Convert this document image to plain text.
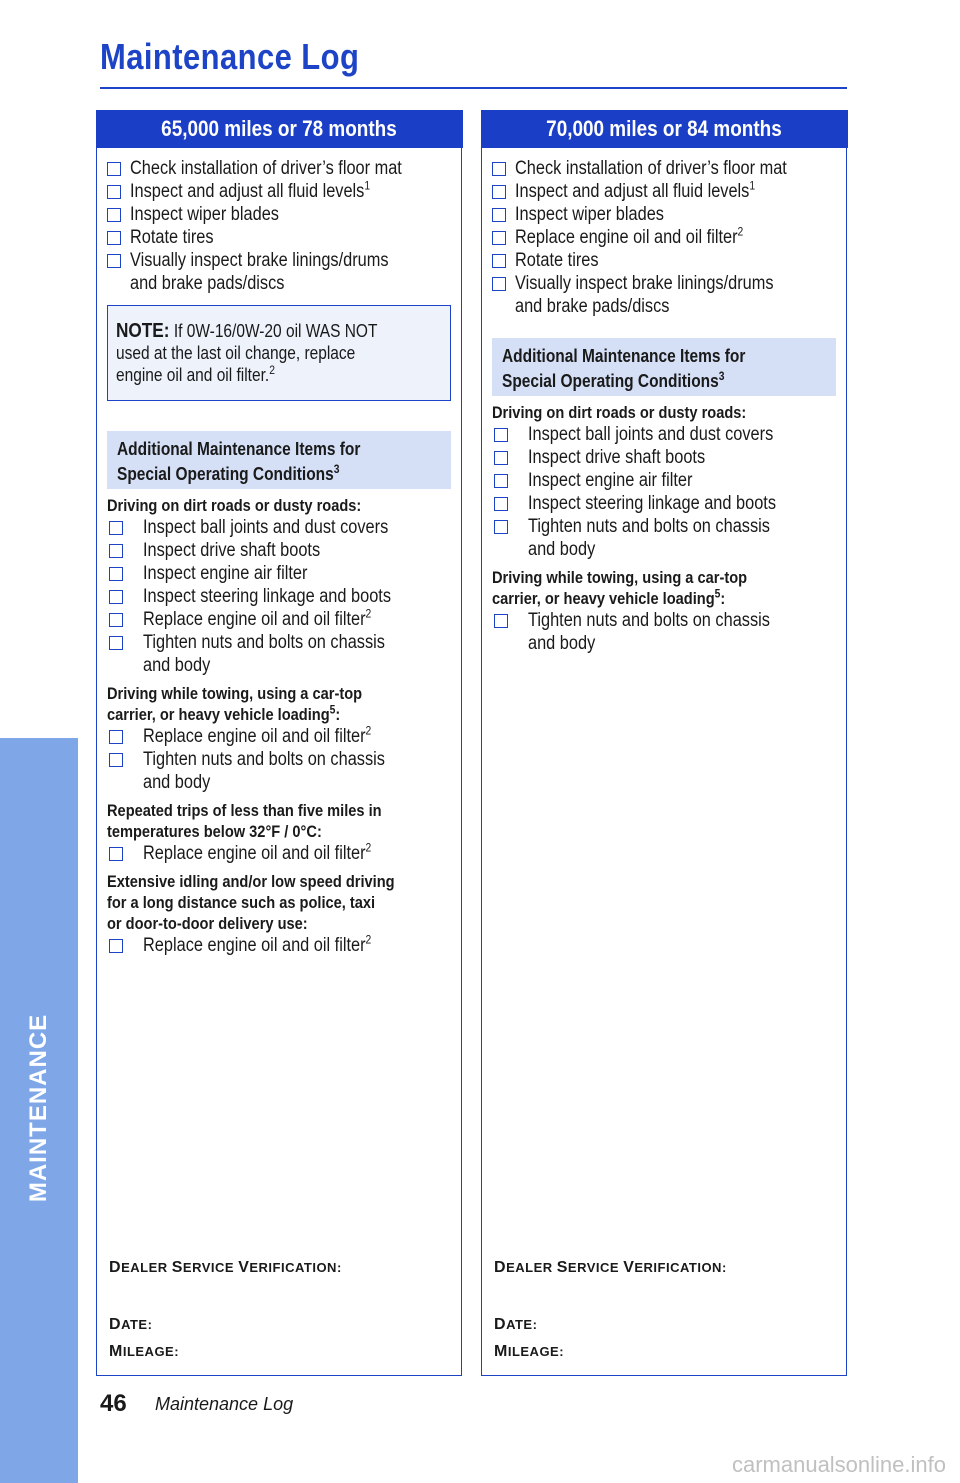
Maintenance Log
MAINTENANCE
65,000 miles or 78 months
Check installation of driver’s floor mat
Inspect and adjust all fluid levels$^1$
Inspect wiper blades
Rotate tires
Visually inspect brake linings/drums
and brake pads/discs
NOTE: If 0W-16/0W-20 oil WAS NOT
used at the last oil change, replace
engine oil and oil filter.$^2$
Additional Maintenance Items for
Special Operating Conditions$^3$
Driving on dirt roads or dusty roads:
Inspect ball joints and dust covers
Inspect drive shaft boots
Inspect engine air filter
Inspect steering linkage and boots
Replace engine oil and oil filter$^2$
Tighten nuts and bolts on chassis
and body
Driving while towing, using a car-top
carrier, or heavy vehicle loading$^5$:
Replace engine oil and oil filter$^2$
Tighten nuts and bolts on chassis
and body
Repeated trips of less than five miles in
temperatures below 32°F / 0°C:
Replace engine oil and oil filter$^2$
Extensive idling and/or low speed driving
for a long distance such as police, taxi
or door-to-door delivery use:
Replace engine oil and oil filter$^2$
DEALER SERVICE VERIFICATION:
DATE:
MILEAGE:
70,000 miles or 84 months
Check installation of driver’s floor mat
Inspect and adjust all fluid levels$^1$
Inspect wiper blades
Replace engine oil and oil filter$^2$
Rotate tires
Visually inspect brake linings/drums
and brake pads/discs
Additional Maintenance Items for
Special Operating Conditions$^3$
Driving on dirt roads or dusty roads:
Inspect ball joints and dust covers
Inspect drive shaft boots
Inspect engine air filter
Inspect steering linkage and boots
Tighten nuts and bolts on chassis
and body
Driving while towing, using a car-top
carrier, or heavy vehicle loading$^5$:
Tighten nuts and bolts on chassis
and body
DEALER SERVICE VERIFICATION:
DATE:
MILEAGE:
46 Maintenance Log
carmanualsonline.info
